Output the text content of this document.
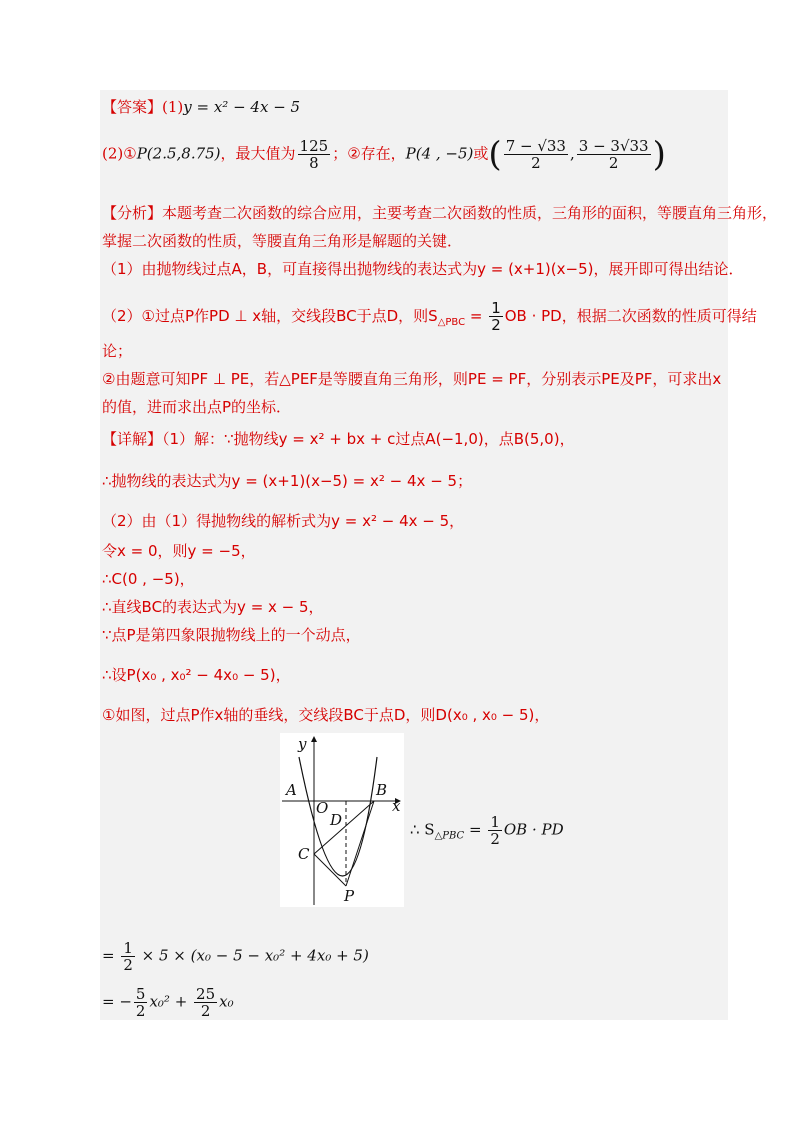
【答案】(1)y = x² − 4x − 5
(2)①P(2.5,8.75)，最大值为 $\frac{125}{8}$ ；②存在，P(4 , −5)或( $\frac{7 - √33}{2}$ , $\frac{3 - 3√33}{2}$ )
【分析】本题考查二次函数的综合应用，主要考查二次函数的性质，三角形的面积，等腰直角三角形，
掌握二次函数的性质，等腰直角三角形是解题的关键．
（1）由抛物线过点A，B，可直接得出抛物线的表达式为y = (x+1)(x−5)，展开即可得出结论．
（2）①过点P作PD ⊥ x轴，交线段BC于点D，则$S_{\triangle PBC} = \frac{1}{2}$ OB · PD，根据二次函数的性质可得结
论；
②由题意可知PF ⊥ PE，若△PEF是等腰直角三角形，则PE = PF，分别表示PE及PF，可求出x
的值，进而求出点P的坐标．
【详解】（1）解：∵抛物线y = x² + bx + c过点A(−1,0)，点B(5,0)，
∴抛物线的表达式为y = (x+1)(x−5) = x² − 4x − 5；
（2）由（1）得抛物线的解析式为y = x² − 4x − 5，
令x = 0，则y = −5，
∴C(0 , −5)，
∴直线BC的表达式为y = x − 5，
∵点P是第四象限抛物线上的一个动点，
∴设P(x₀ , x₀² − 4x₀ − 5)，
①如图，过点P作x轴的垂线，交线段BC于点D，则D(x₀ , x₀ − 5)，
y
x
A
O
B
D
C
P
∴ $S_{\triangle PBC} = \frac{1}{2}$ OB · PD
= $\frac{1}{2} \times 5 \times (x_0 - 5 - x_0^2 + 4x_0 + 5)$
= − $\frac{5}{2} x_0^2 + \frac{25}{2} x_0$
